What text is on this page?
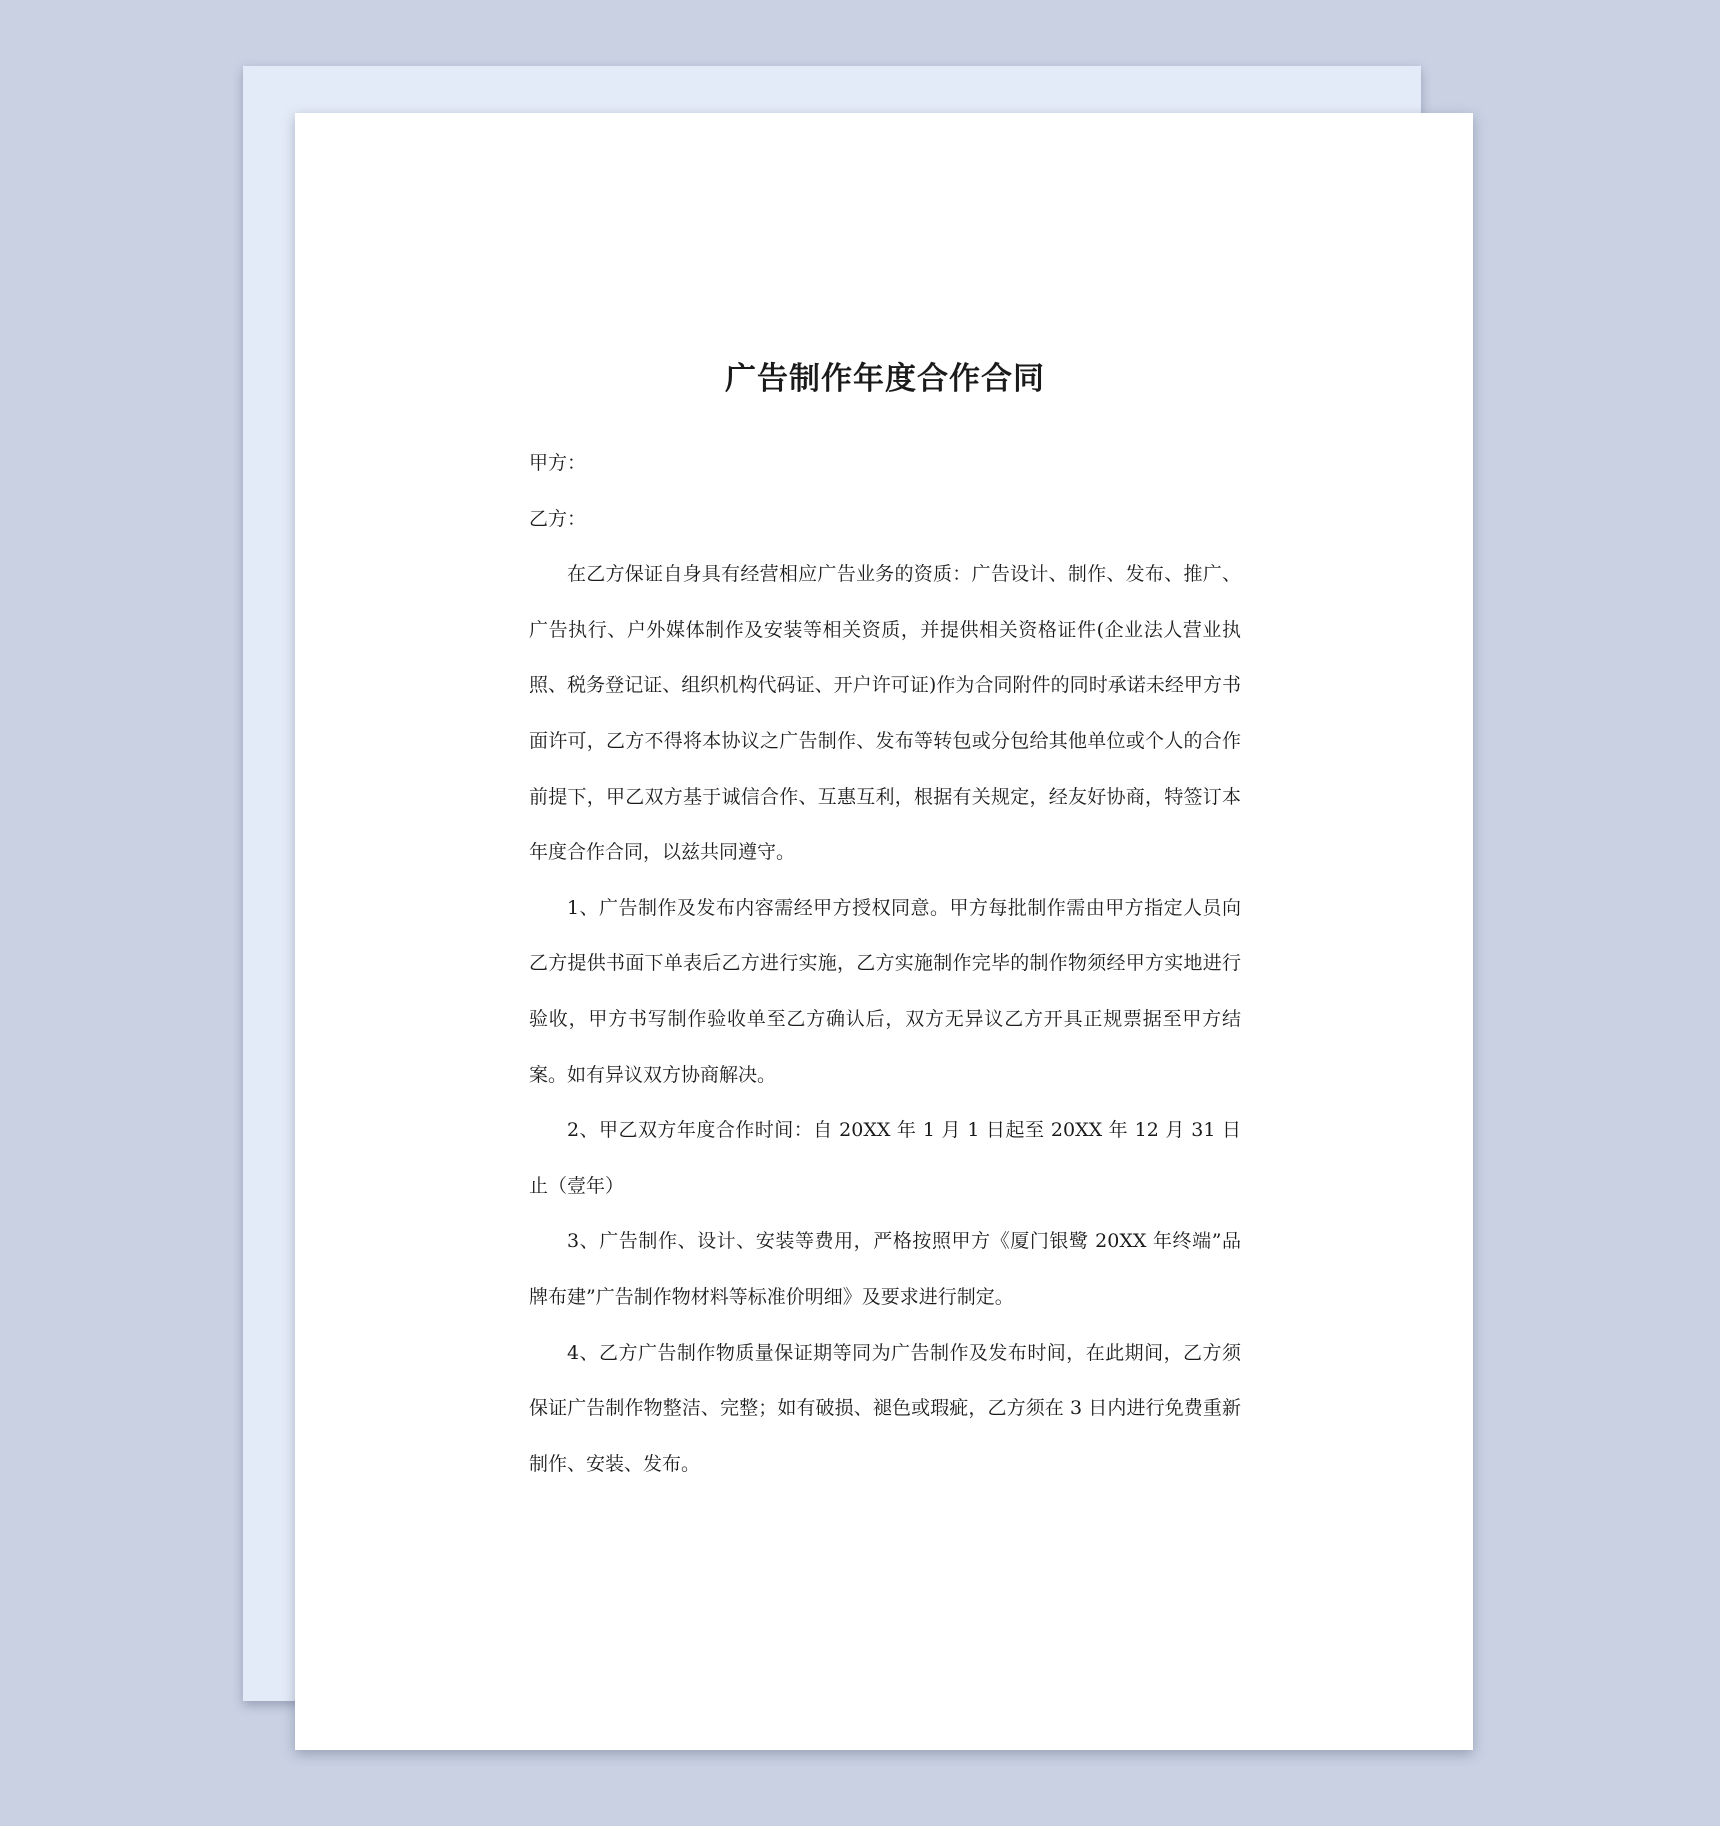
广告制作年度合作合同

甲方：

乙方：

在乙方保证自身具有经营相应广告业务的资质：广告设计、制作、发布、推广、广告执行、户外媒体制作及安装等相关资质，并提供相关资格证件(企业法人营业执照、税务登记证、组织机构代码证、开户许可证)作为合同附件的同时承诺未经甲方书面许可，乙方不得将本协议之广告制作、发布等转包或分包给其他单位或个人的合作前提下，甲乙双方基于诚信合作、互惠互利，根据有关规定，经友好协商，特签订本年度合作合同，以兹共同遵守。

1、广告制作及发布内容需经甲方授权同意。甲方每批制作需由甲方指定人员向乙方提供书面下单表后乙方进行实施，乙方实施制作完毕的制作物须经甲方实地进行验收，甲方书写制作验收单至乙方确认后，双方无异议乙方开具正规票据至甲方结案。如有异议双方协商解决。

2、甲乙双方年度合作时间：自 20XX 年 1 月 1 日起至 20XX 年 12 月 31 日止（壹年）

3、广告制作、设计、安装等费用，严格按照甲方《厦门银鹭 20XX 年终端”品牌布建”广告制作物材料等标准价明细》及要求进行制定。

4、乙方广告制作物质量保证期等同为广告制作及发布时间，在此期间，乙方须保证广告制作物整洁、完整；如有破损、褪色或瑕疵，乙方须在 3 日内进行免费重新制作、安装、发布。
